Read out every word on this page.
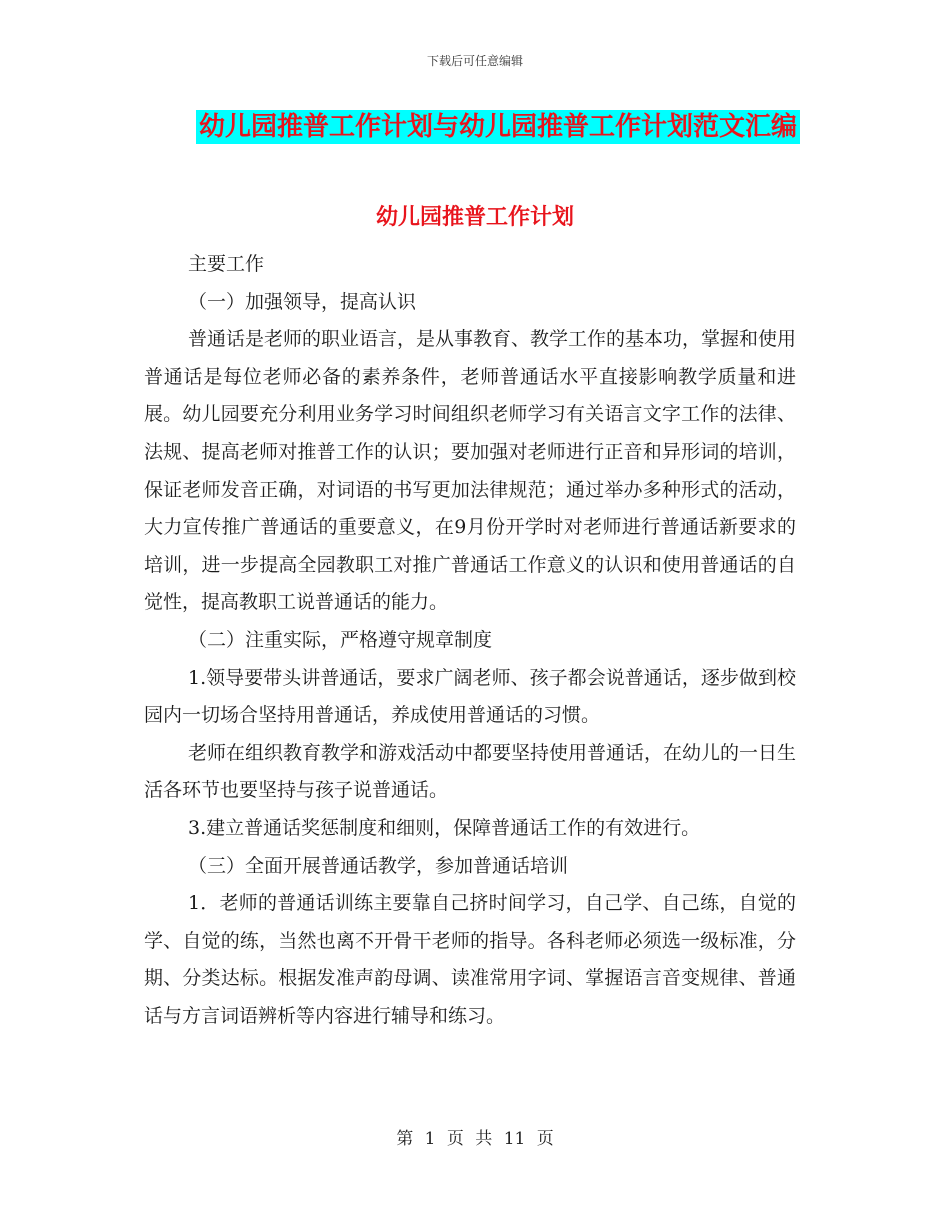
下载后可任意编辑
幼儿园推普工作计划与幼儿园推普工作计划范文汇编
幼儿园推普工作计划

主要工作

（一）加强领导，提高认识

普通话是老师的职业语言，是从事教育、教学工作的基本功，掌握和使用普通话是每位老师必备的素养条件，老师普通话水平直接影响教学质量和进展。幼儿园要充分利用业务学习时间组织老师学习有关语言文字工作的法律、法规、提高老师对推普工作的认识；要加强对老师进行正音和异形词的培训，保证老师发音正确，对词语的书写更加法律规范；通过举办多种形式的活动，大力宣传推广普通话的重要意义，在9月份开学时对老师进行普通话新要求的培训，进一步提高全园教职工对推广普通话工作意义的认识和使用普通话的自觉性，提高教职工说普通话的能力。

（二）注重实际，严格遵守规章制度

1.领导要带头讲普通话，要求广阔老师、孩子都会说普通话，逐步做到校园内一切场合坚持用普通话，养成使用普通话的习惯。

老师在组织教育教学和游戏活动中都要坚持使用普通话，在幼儿的一日生活各环节也要坚持与孩子说普通话。

3.建立普通话奖惩制度和细则，保障普通话工作的有效进行。

（三）全面开展普通话教学，参加普通话培训

1．老师的普通话训练主要靠自己挤时间学习，自己学、自己练，自觉的学、自觉的练，当然也离不开骨干老师的指导。各科老师必须选一级标准，分期、分类达标。根据发准声韵母调、读准常用字词、掌握语言音变规律、普通话与方言词语辨析等内容进行辅导和练习。

第 1 页 共 11 页
